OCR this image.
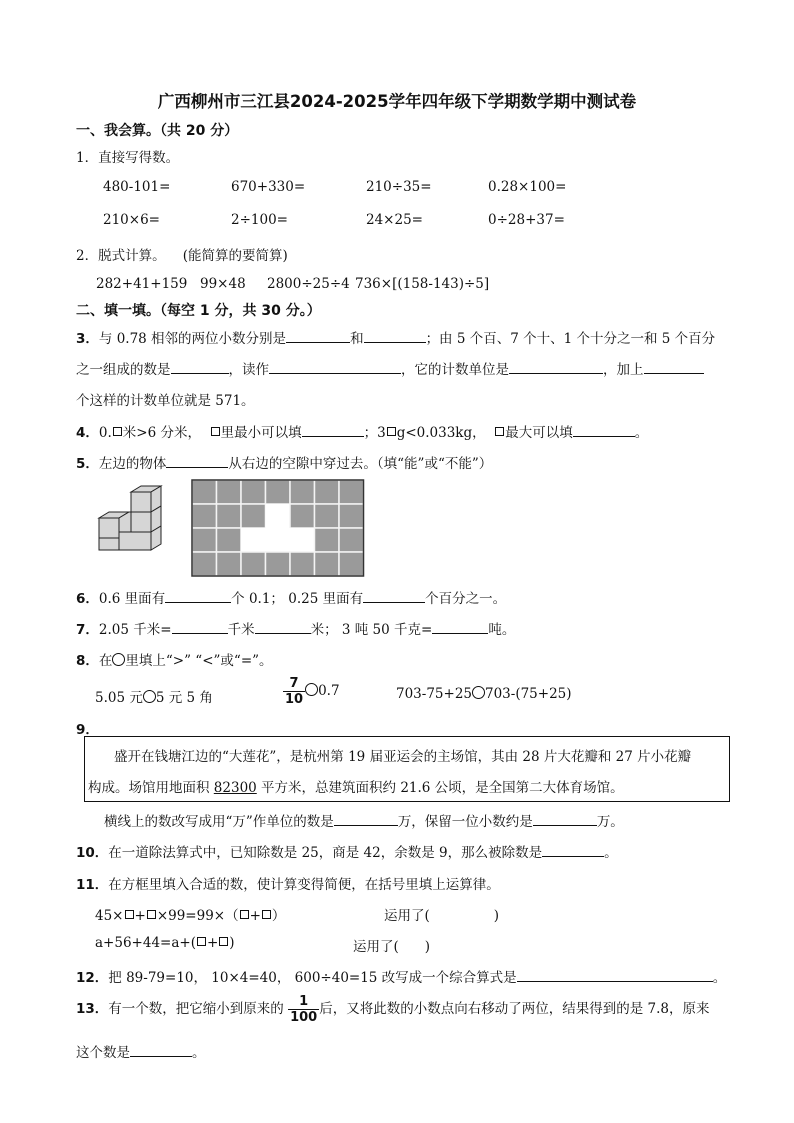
广西柳州市三江县2024-2025学年四年级下学期数学期中测试卷
一、我会算。（共 20 分）
1．直接写得数。
480-101=	670+330=	210÷35=	0.28×100=
210×6=	2÷100=	24×25=	0÷28+37=
2．脱式计算。 (能简算的要简算)
282+41+159 99×48 2800÷25÷4 736×[(158-143)÷5]
二、填一填。（每空 1 分，共 30 分。）
3．与 0.78 相邻的两位小数分别是	和	；由 5 个百、7 个十、1 个十分之一和 5 个百分
之一组成的数是	，读作	，它的计数单位是	，加上
个这样的计数单位就是 571。
4．0. 米>6 分米， 里最小可以填	；3 g<0.033kg， 最大可以填	。
5．左边的物体	从右边的空隙中穿过去。（填“能”或“不能”）
6．0.6 里面有	个 0.1； 0.25 里面有	个百分之一。
7．2.05 千米=	千米	米； 3 吨 50 千克=	吨。
8．在 里填上“>” “<”或“=”。
5.05 元 5 元 5 角	$\frac{7}{10} 0.7$	703-75+25 703-(75+25)
9．
盛开在钱塘江边的“大莲花”，是杭州第 19 届亚运会的主场馆，其由 28 片大花瓣和 27 片小花瓣
构成。场馆用地面积 82300 平方米，总建筑面积约 21.6 公顷，是全国第二大体育场馆。
横线上的数改写成用“万”作单位的数是	万，保留一位小数约是	万。
10．在一道除法算式中，已知除数是 25，商是 42，余数是 9，那么被除数是	。
11．在方框里填入合适的数，使计算变得简便，在括号里填上运算律。
45× + ×99=99×（ + ）	运用了(	)
a+56+44=a+( + )	运用了( )
12．把 89-79=10， 10×4=40， 600÷40=15 改写成一个综合算式是	。
13．有一个数，把它缩小到原来的 $\frac{1}{100}$ 后，又将此数的小数点向右移动了两位，结果得到的是 7.8，原来
这个数是	。
